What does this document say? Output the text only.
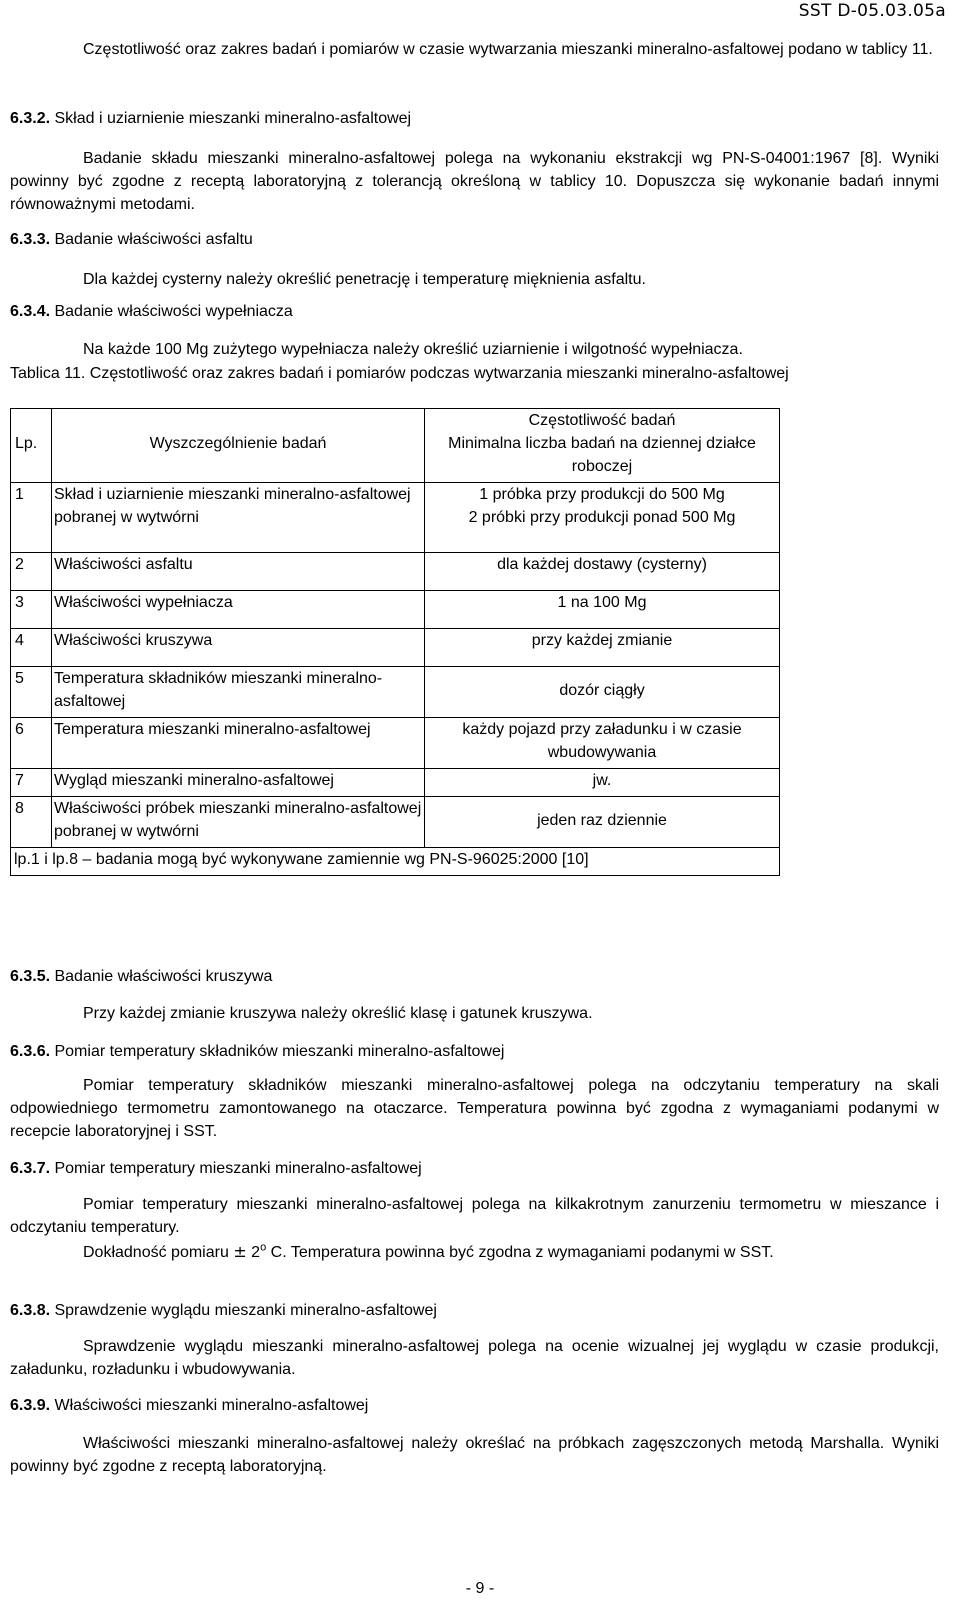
SST D-05.03.05a
Częstotliwość oraz zakres badań i pomiarów w czasie wytwarzania mieszanki mineralno-asfaltowej podano w tablicy 11.
6.3.2. Skład i uziarnienie mieszanki mineralno-asfaltowej
Badanie składu mieszanki mineralno-asfaltowej polega na wykonaniu ekstrakcji wg PN-S-04001:1967 [8]. Wyniki powinny być zgodne z receptą laboratoryjną z tolerancją określoną w tablicy 10. Dopuszcza się wykonanie badań innymi równoważnymi metodami.
6.3.3. Badanie właściwości asfaltu
Dla każdej cysterny należy określić penetrację i temperaturę mięknienia asfaltu.
6.3.4. Badanie właściwości wypełniacza
Na każde 100 Mg zużytego wypełniacza należy określić uziarnienie i wilgotność wypełniacza.
Tablica 11. Częstotliwość oraz zakres badań i pomiarów podczas wytwarzania mieszanki mineralno-asfaltowej
Lp.	Wyszczególnienie badań	Częstotliwość badań
Minimalna liczba badań na dziennej działce roboczej

1	Skład i uziarnienie mieszanki mineralno-asfaltowej pobranej w wytwórni	1 próbka przy produkcji do 500 Mg
2 próbki przy produkcji ponad 500 Mg
2	Właściwości asfaltu	dla każdej dostawy (cysterny)
3	Właściwości wypełniacza	1 na 100 Mg
4	Właściwości kruszywa	przy każdej zmianie
5	Temperatura składników mieszanki mineralno-asfaltowej	dozór ciągły
6	Temperatura mieszanki mineralno-asfaltowej	każdy pojazd przy załadunku i w czasie wbudowywania
7	Wygląd mieszanki mineralno-asfaltowej	jw.
8	Właściwości próbek mieszanki mineralno-asfaltowej pobranej w wytwórni	jeden raz dziennie
lp.1 i lp.8 – badania mogą być wykonywane zamiennie wg PN-S-96025:2000 [10]		
6.3.5. Badanie właściwości kruszywa
Przy każdej zmianie kruszywa należy określić klasę i gatunek kruszywa.
6.3.6. Pomiar temperatury składników mieszanki mineralno-asfaltowej
Pomiar temperatury składników mieszanki mineralno-asfaltowej polega na odczytaniu temperatury na skali odpowiedniego termometru zamontowanego na otaczarce. Temperatura powinna być zgodna z wymaganiami podanymi w recepcie laboratoryjnej i SST.
6.3.7. Pomiar temperatury mieszanki mineralno-asfaltowej
Pomiar temperatury mieszanki mineralno-asfaltowej polega na kilkakrotnym zanurzeniu termometru w mieszance i odczytaniu temperatury.
Dokładność pomiaru ± $2^o$ C. Temperatura powinna być zgodna z wymaganiami podanymi w SST.
6.3.8. Sprawdzenie wyglądu mieszanki mineralno-asfaltowej
Sprawdzenie wyglądu mieszanki mineralno-asfaltowej polega na ocenie wizualnej jej wyglądu w czasie produkcji, załadunku, rozładunku i wbudowywania.
6.3.9. Właściwości mieszanki mineralno-asfaltowej
Właściwości mieszanki mineralno-asfaltowej należy określać na próbkach zagęszczonych metodą Marshalla. Wyniki powinny być zgodne z receptą laboratoryjną.
- 9 -
